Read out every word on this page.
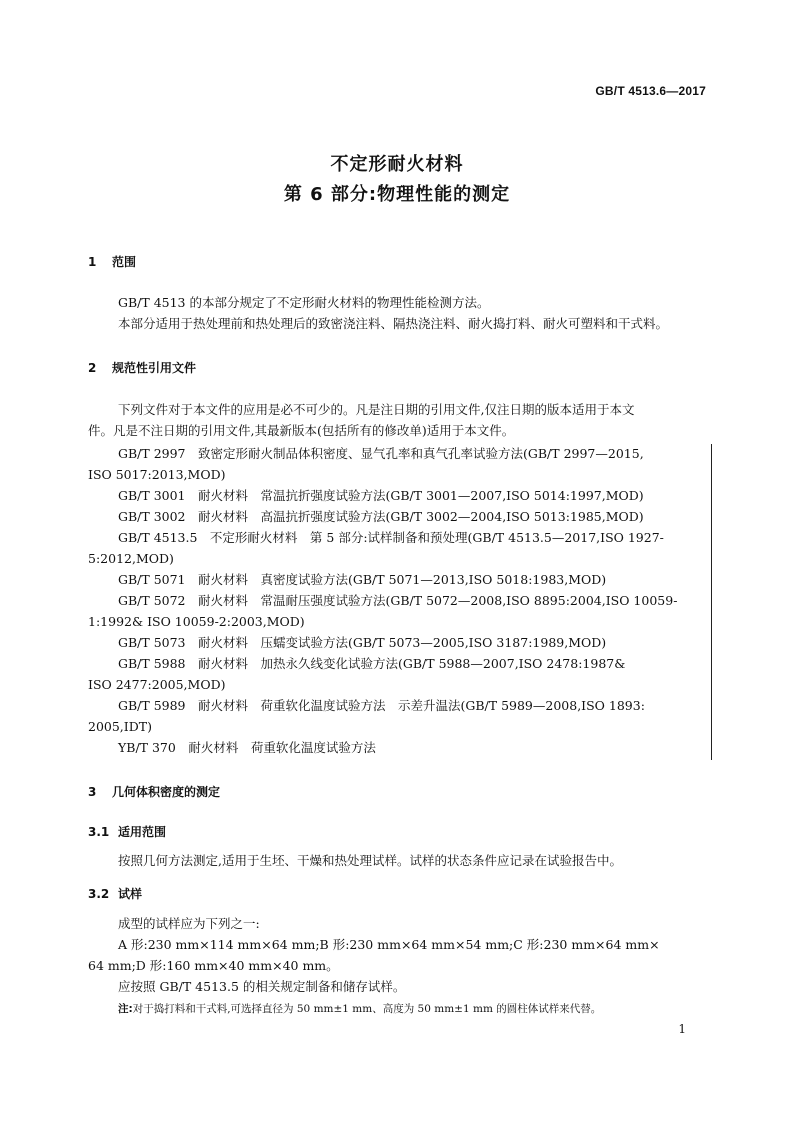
GB/T 4513.6—2017
不定形耐火材料
第 6 部分:物理性能的测定
1 范围
GB/T 4513 的本部分规定了不定形耐火材料的物理性能检测方法。
本部分适用于热处理前和热处理后的致密浇注料、隔热浇注料、耐火捣打料、耐火可塑料和干式料。
2 规范性引用文件
下列文件对于本文件的应用是必不可少的。凡是注日期的引用文件,仅注日期的版本适用于本文
件。凡是不注日期的引用文件,其最新版本(包括所有的修改单)适用于本文件。
GB/T 2997　致密定形耐火制品体积密度、显气孔率和真气孔率试验方法(GB/T 2997—2015,
ISO 5017:2013,MOD)
GB/T 3001　耐火材料　常温抗折强度试验方法(GB/T 3001—2007,ISO 5014:1997,MOD)
GB/T 3002　耐火材料　高温抗折强度试验方法(GB/T 3002—2004,ISO 5013:1985,MOD)
GB/T 4513.5　不定形耐火材料　第 5 部分:试样制备和预处理(GB/T 4513.5—2017,ISO 1927-
5:2012,MOD)
GB/T 5071　耐火材料　真密度试验方法(GB/T 5071—2013,ISO 5018:1983,MOD)
GB/T 5072　耐火材料　常温耐压强度试验方法(GB/T 5072—2008,ISO 8895:2004,ISO 10059-
1:1992& ISO 10059-2:2003,MOD)
GB/T 5073　耐火材料　压蠕变试验方法(GB/T 5073—2005,ISO 3187:1989,MOD)
GB/T 5988　耐火材料　加热永久线变化试验方法(GB/T 5988—2007,ISO 2478:1987&
ISO 2477:2005,MOD)
GB/T 5989　耐火材料　荷重软化温度试验方法　示差升温法(GB/T 5989—2008,ISO 1893:
2005,IDT)
YB/T 370　耐火材料　荷重软化温度试验方法
3 几何体积密度的测定
3.1 适用范围
按照几何方法测定,适用于生坯、干燥和热处理试样。试样的状态条件应记录在试验报告中。
3.2 试样
成型的试样应为下列之一:
A 形:230 mm×114 mm×64 mm;B 形:230 mm×64 mm×54 mm;C 形:230 mm×64 mm×
64 mm;D 形:160 mm×40 mm×40 mm。
应按照 GB/T 4513.5 的相关规定制备和储存试样。
注:对于捣打料和干式料,可选择直径为 50 mm±1 mm、高度为 50 mm±1 mm 的圆柱体试样来代替。
1
